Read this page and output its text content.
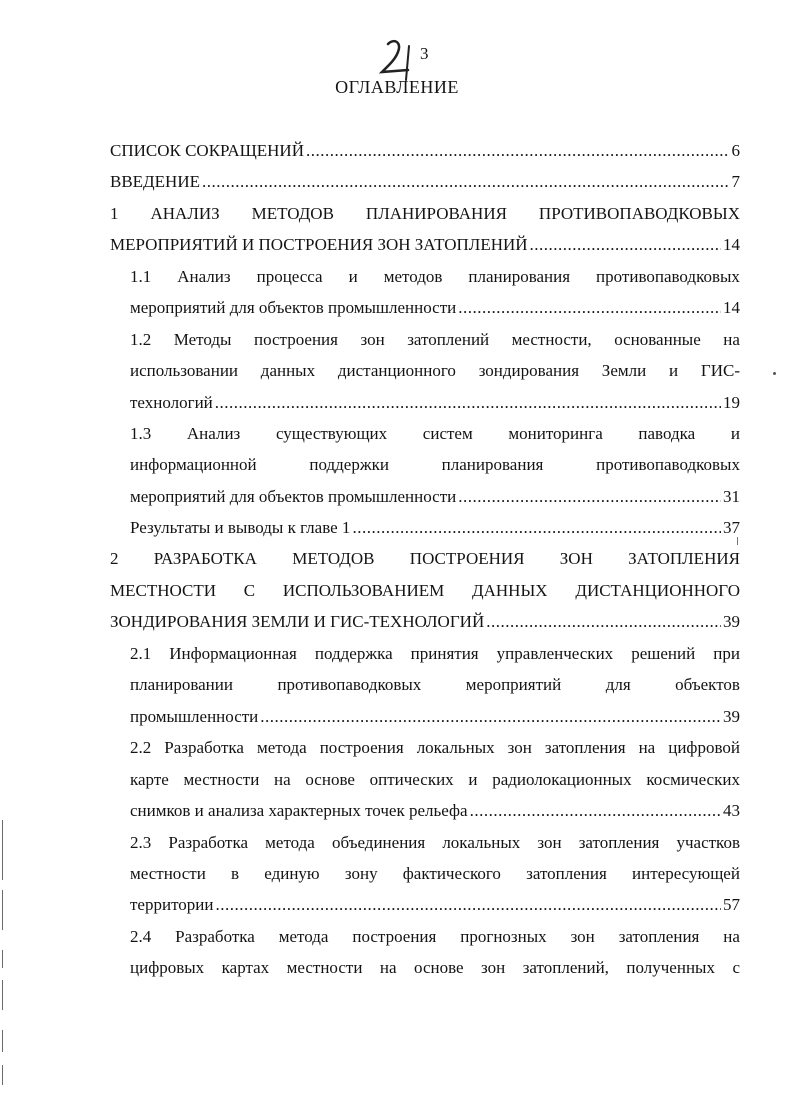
3
ОГЛАВЛЕНИЕ
СПИСОК СОКРАЩЕНИЙ .....	6
ВВЕДЕНИЕ .....	7
1 АНАЛИЗ МЕТОДОВ ПЛАНИРОВАНИЯ ПРОТИВОПАВОДКОВЫХ
МЕРОПРИЯТИЙ И ПОСТРОЕНИЯ ЗОН ЗАТОПЛЕНИЙ .....	14
1.1 Анализ процесса и методов планирования противопаводковых
мероприятий для объектов промышленности .....	14
1.2 Методы построения зон затоплений местности, основанные на
использовании данных дистанционного зондирования Земли и ГИС-
технологий .....	19
1.3 Анализ существующих систем мониторинга паводка и
информационной	поддержки	планирования	противопаводковых
мероприятий для объектов промышленности .....	31
Результаты и выводы к главе 1 .....	37
2 РАЗРАБОТКА МЕТОДОВ ПОСТРОЕНИЯ ЗОН ЗАТОПЛЕНИЯ
МЕСТНОСТИ С ИСПОЛЬЗОВАНИЕМ ДАННЫХ ДИСТАНЦИОННОГО
ЗОНДИРОВАНИЯ ЗЕМЛИ И ГИС-ТЕХНОЛОГИЙ .....	39
2.1 Информационная поддержка принятия управленческих решений при
планировании	противопаводковых	мероприятий	для	объектов
промышленности .....	39
2.2 Разработка метода построения локальных зон затопления на цифровой
карте местности на основе оптических и радиолокационных космических
снимков и анализа характерных точек рельефа .....	43
2.3 Разработка метода объединения локальных зон затопления участков
местности в единую зону фактического затопления интересующей
территории .....	57
2.4 Разработка метода построения прогнозных зон затопления на
цифровых картах местности на основе зон затоплений, полученных с
